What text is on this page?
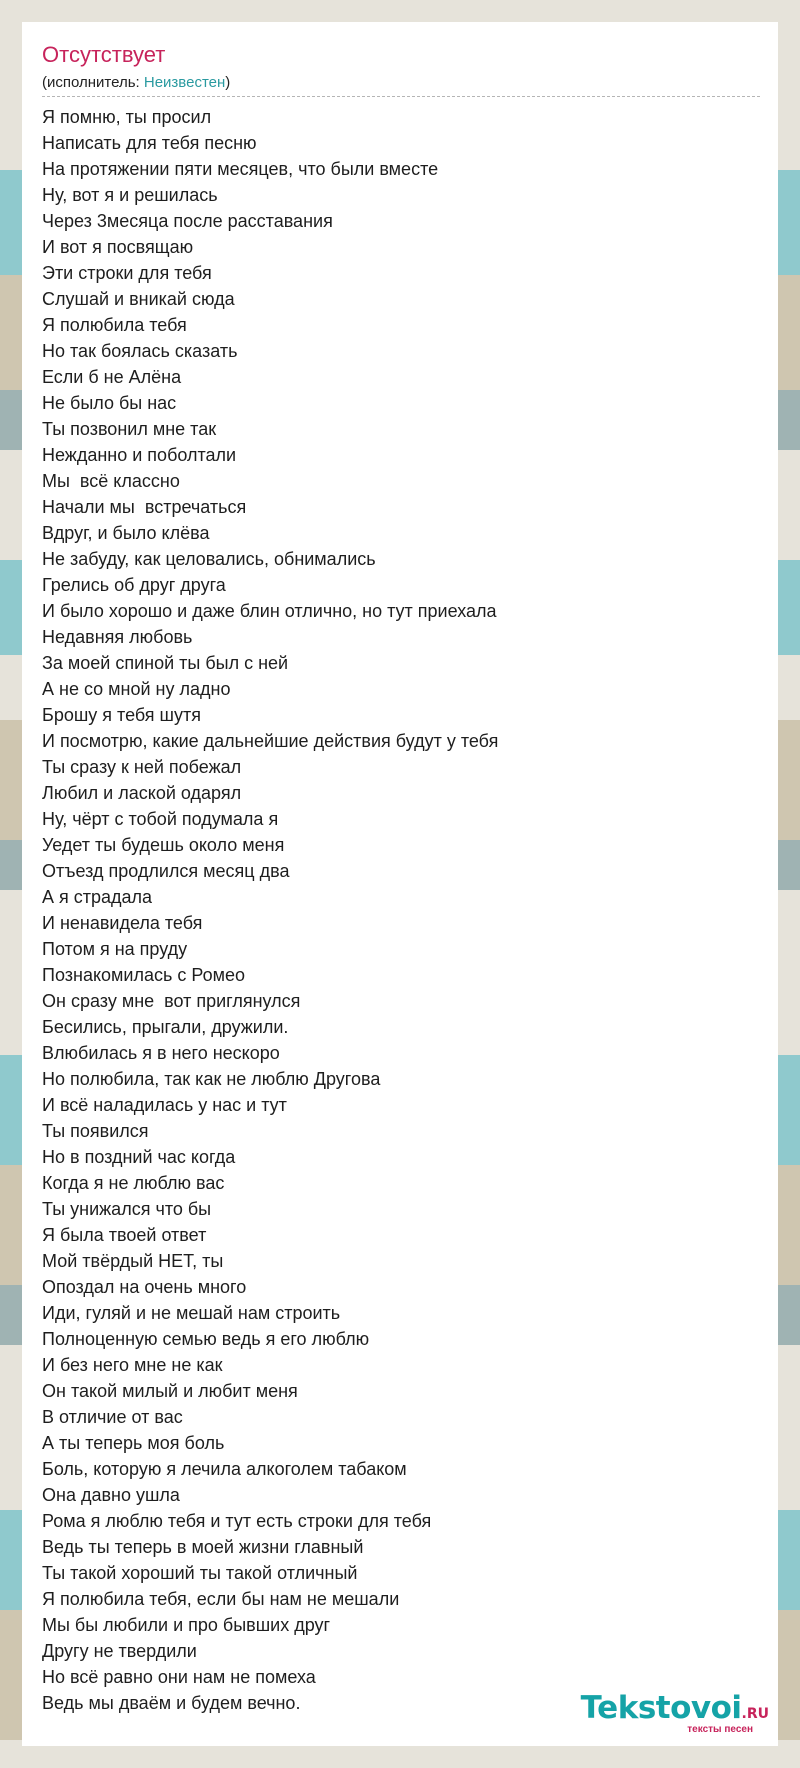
Отсутствует
(исполнитель: Неизвестен)
Я помню, ты просил
Написать для тебя песню
На протяжении пяти месяцев, что были вместе
Ну, вот я и решилась
Через 3месяца после расставания
И вот я посвящаю
Эти строки для тебя
Слушай и вникай сюда
Я полюбила тебя
Но так боялась сказать
Если б не Алёна
Не было бы нас
Ты позвонил мне так
Нежданно и поболтали
Мы  всё классно
Начали мы  встречаться
Вдруг, и было клёва
Не забуду, как целовались, обнимались
Грелись об друг друга
И было хорошо и даже блин отлично, но тут приехала
Недавняя любовь
За моей спиной ты был с ней
А не со мной ну ладно
Брошу я тебя шутя
И посмотрю, какие дальнейшие действия будут у тебя
Ты сразу к ней побежал
Любил и лаской одарял
Ну, чёрт с тобой подумала я
Уедет ты будешь около меня
Отъезд продлился месяц два
А я страдала
И ненавидела тебя
Потом я на пруду
Познакомилась с Ромео
Он сразу мне  вот приглянулся
Бесились, прыгали, дружили.
Влюбилась я в него нескоро
Но полюбила, так как не люблю Другова
И всё наладилась у нас и тут
Ты появился
Но в поздний час когда
Когда я не люблю вас
Ты унижался что бы
Я была твоей ответ
Мой твёрдый НЕТ, ты
Опоздал на очень много
Иди, гуляй и не мешай нам строить
Полноценную семью ведь я его люблю
И без него мне не как
Он такой милый и любит меня
В отличие от вас
А ты теперь моя боль
Боль, которую я лечила алкоголем табаком
Она давно ушла
Рома я люблю тебя и тут есть строки для тебя
Ведь ты теперь в моей жизни главный
Ты такой хороший ты такой отличный
Я полюбила тебя, если бы нам не мешали
Мы бы любили и про бывших друг
Другу не твердили
Но всё равно они нам не помеха
Ведь мы дваём и будем вечно.	Tekstovoi.RU
тексты песен
